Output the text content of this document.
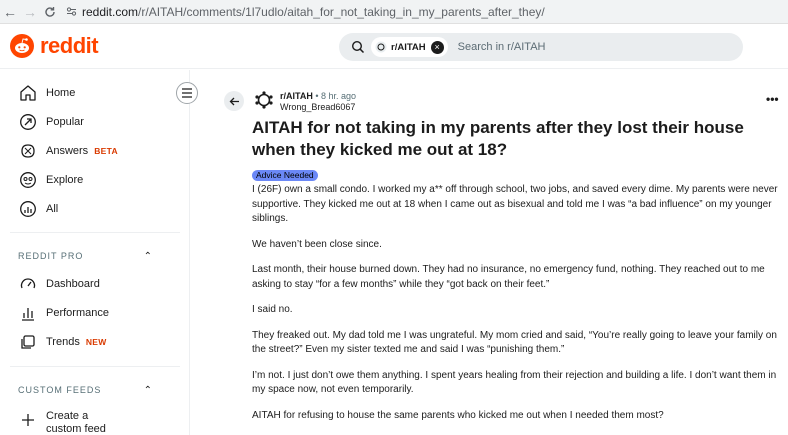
← →	reddit.com/r/AITAH/comments/1l7udlo/aitah_for_not_taking_in_my_parents_after_they/
reddit	r/AITAH ×	Search in r/AITAH
Home
Popular
Answers BETA
Explore
All
REDDIT PRO	⌃
Dashboard
Performance
Trends NEW
CUSTOM FEEDS	⌃
Create a custom feed
r/AITAH • 8 hr. ago
Wrong_Bread6067
•••
AITAH for not taking in my parents after they lost their house when they kicked me out at 18?
Advice Needed

I (26F) own a small condo. I worked my a** off through school, two jobs, and saved every dime. My parents were never supportive. They kicked me out at 18 when I came out as bisexual and told me I was “a bad influence” on my younger siblings.

We haven’t been close since.

Last month, their house burned down. They had no insurance, no emergency fund, nothing. They reached out to me asking to stay “for a few months” while they “got back on their feet.”

I said no.

They freaked out. My dad told me I was ungrateful. My mom cried and said, “You’re really going to leave your family on the street?” Even my sister texted me and said I was “punishing them.”

I’m not. I just don’t owe them anything. I spent years healing from their rejection and building a life. I don’t want them in my space now, not even temporarily.

AITAH for refusing to house the same parents who kicked me out when I needed them most?
